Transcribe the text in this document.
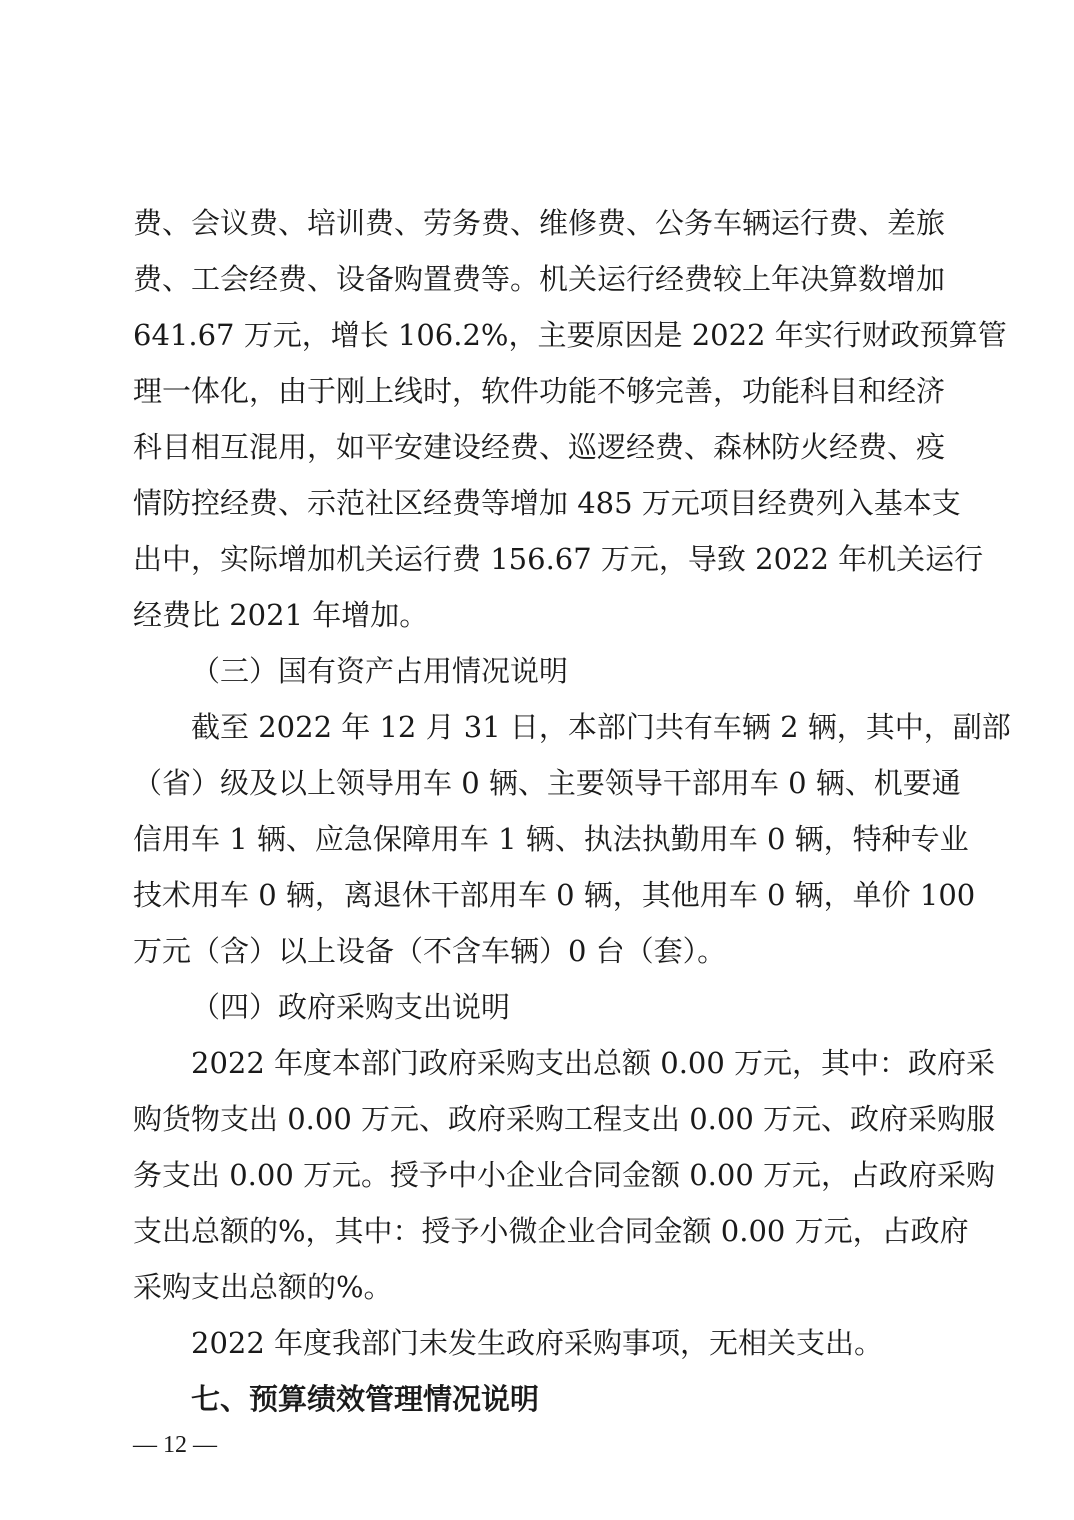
费、会议费、培训费、劳务费、维修费、公务车辆运行费、差旅
费、工会经费、设备购置费等。机关运行经费较上年决算数增加
641.67 万元，增长 106.2%，主要原因是 2022 年实行财政预算管
理一体化，由于刚上线时，软件功能不够完善，功能科目和经济
科目相互混用，如平安建设经费、巡逻经费、森林防火经费、疫
情防控经费、示范社区经费等增加 485 万元项目经费列入基本支
出中，实际增加机关运行费 156.67 万元，导致 2022 年机关运行
经费比 2021 年增加。
（三）国有资产占用情况说明
截至 2022 年 12 月 31 日，本部门共有车辆 2 辆，其中，副部
（省）级及以上领导用车 0 辆、主要领导干部用车 0 辆、机要通
信用车 1 辆、应急保障用车 1 辆、执法执勤用车 0 辆，特种专业
技术用车 0 辆，离退休干部用车 0 辆，其他用车 0 辆，单价 100
万元（含）以上设备（不含车辆）0 台（套）。
（四）政府采购支出说明
2022 年度本部门政府采购支出总额 0.00 万元，其中：政府采
购货物支出 0.00 万元、政府采购工程支出 0.00 万元、政府采购服
务支出 0.00 万元。授予中小企业合同金额 0.00 万元，占政府采购
支出总额的%，其中：授予小微企业合同金额 0.00 万元，占政府
采购支出总额的%。
2022 年度我部门未发生政府采购事项，无相关支出。
七、预算绩效管理情况说明
— 12 —
